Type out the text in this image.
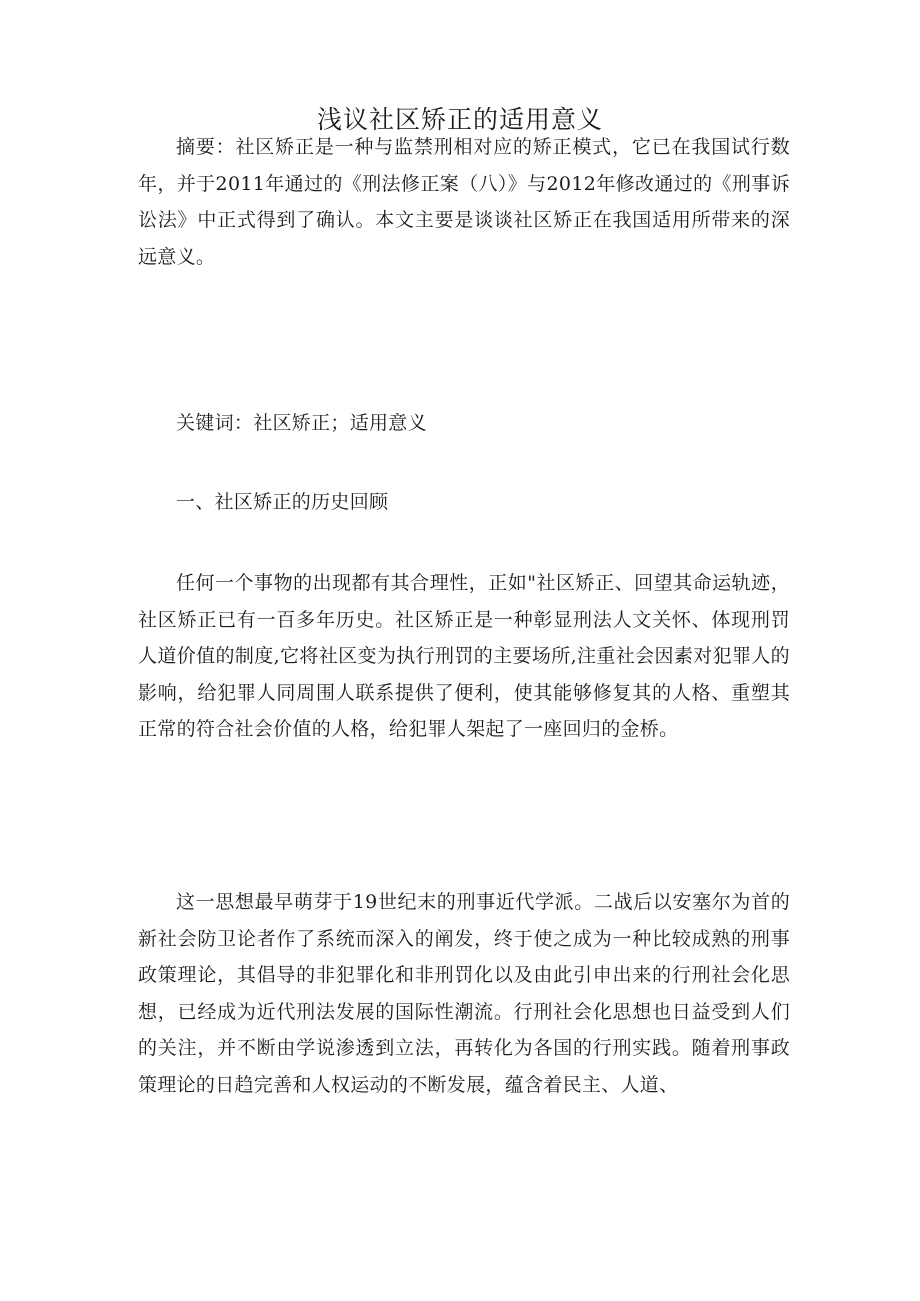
浅议社区矫正的适用意义

摘要：社区矫正是一种与监禁刑相对应的矫正模式，它已在我国试行数年，并于2011年通过的《刑法修正案（八）》与2012年修改通过的《刑事诉讼法》中正式得到了确认。本文主要是谈谈社区矫正在我国适用所带来的深远意义。

关键词：社区矫正；适用意义

一、社区矫正的历史回顾

任何一个事物的出现都有其合理性，正如"社区矫正、回望其命运轨迹，社区矫正已有一百多年历史。社区矫正是一种彰显刑法人文关怀、体现刑罚人道价值的制度,它将社区变为执行刑罚的主要场所,注重社会因素对犯罪人的影响，给犯罪人同周围人联系提供了便利，使其能够修复其的人格、重塑其正常的符合社会价值的人格，给犯罪人架起了一座回归的金桥。

这一思想最早萌芽于19世纪末的刑事近代学派。二战后以安塞尔为首的新社会防卫论者作了系统而深入的阐发，终于使之成为一种比较成熟的刑事政策理论，其倡导的非犯罪化和非刑罚化以及由此引申出来的行刑社会化思想，已经成为近代刑法发展的国际性潮流。行刑社会化思想也日益受到人们的关注，并不断由学说渗透到立法，再转化为各国的行刑实践。随着刑事政策理论的日趋完善和人权运动的不断发展，蕴含着民主、人道、
